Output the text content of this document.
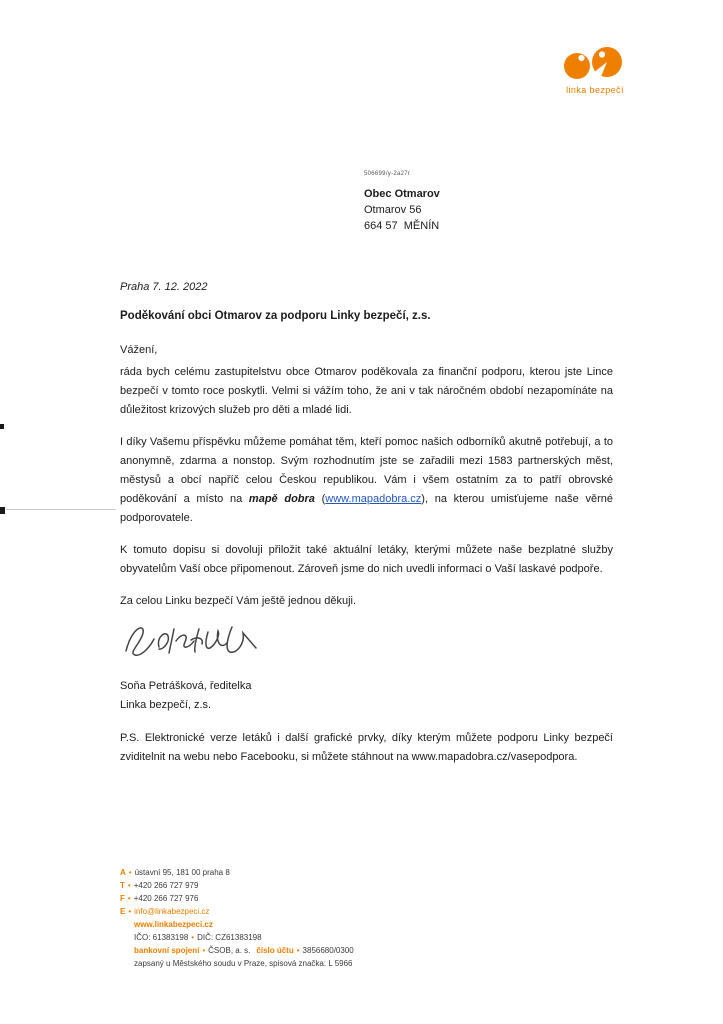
linka bezpečí
506699/y-2a27r
Obec Otmarov
Otmarov 56
664 57  MĚNÍN

Praha 7. 12. 2022

Poděkování obci Otmarov za podporu Linky bezpečí, z.s.

Vážení,

ráda bych celému zastupitelstvu obce Otmarov poděkovala za finanční podporu, kterou jste Lince bezpečí v tomto roce poskytli. Velmi si vážím toho, že ani v tak náročném období nezapomínáte na důležitost krizových služeb pro děti a mladé lidi.

I díky Vašemu příspěvku můžeme pomáhat těm, kteří pomoc našich odborníků akutně potřebují, a to anonymně, zdarma a nonstop. Svým rozhodnutím jste se zařadili mezi 1583 partnerských měst, městysů a obcí napříč celou Českou republikou. Vám i všem ostatním za to patří obrovské poděkování a místo na mapě dobra (www.mapadobra.cz), na kterou umisťujeme naše věrné podporovatele.

K tomuto dopisu si dovoluji přiložit také aktuální letáky, kterými můžete naše bezplatné služby obyvatelům Vaší obce připomenout. Zároveň jsme do nich uvedli informaci o Vaší laskavé podpoře.

Za celou Linku bezpečí Vám ještě jednou děkuji.

Soňa Petrášková, ředitelka
Linka bezpečí, z.s.

P.S. Elektronické verze letáků i další grafické prvky, díky kterým můžete podporu Linky bezpečí zviditelnit na webu nebo Facebooku, si můžete stáhnout na www.mapadobra.cz/vasepodpora.

A • ústavní 95, 181 00 praha 8
T • +420 266 727 979
F • +420 266 727 976
E • info@linkabezpeci.cz
www.linkabezpeci.cz
IČO: 61383198 • DIČ: CZ61383198
bankovní spojení • ČSOB, a. s. číslo účtu • 3856680/0300
zapsaný u Městského soudu v Praze, spisová značka: L 5966
